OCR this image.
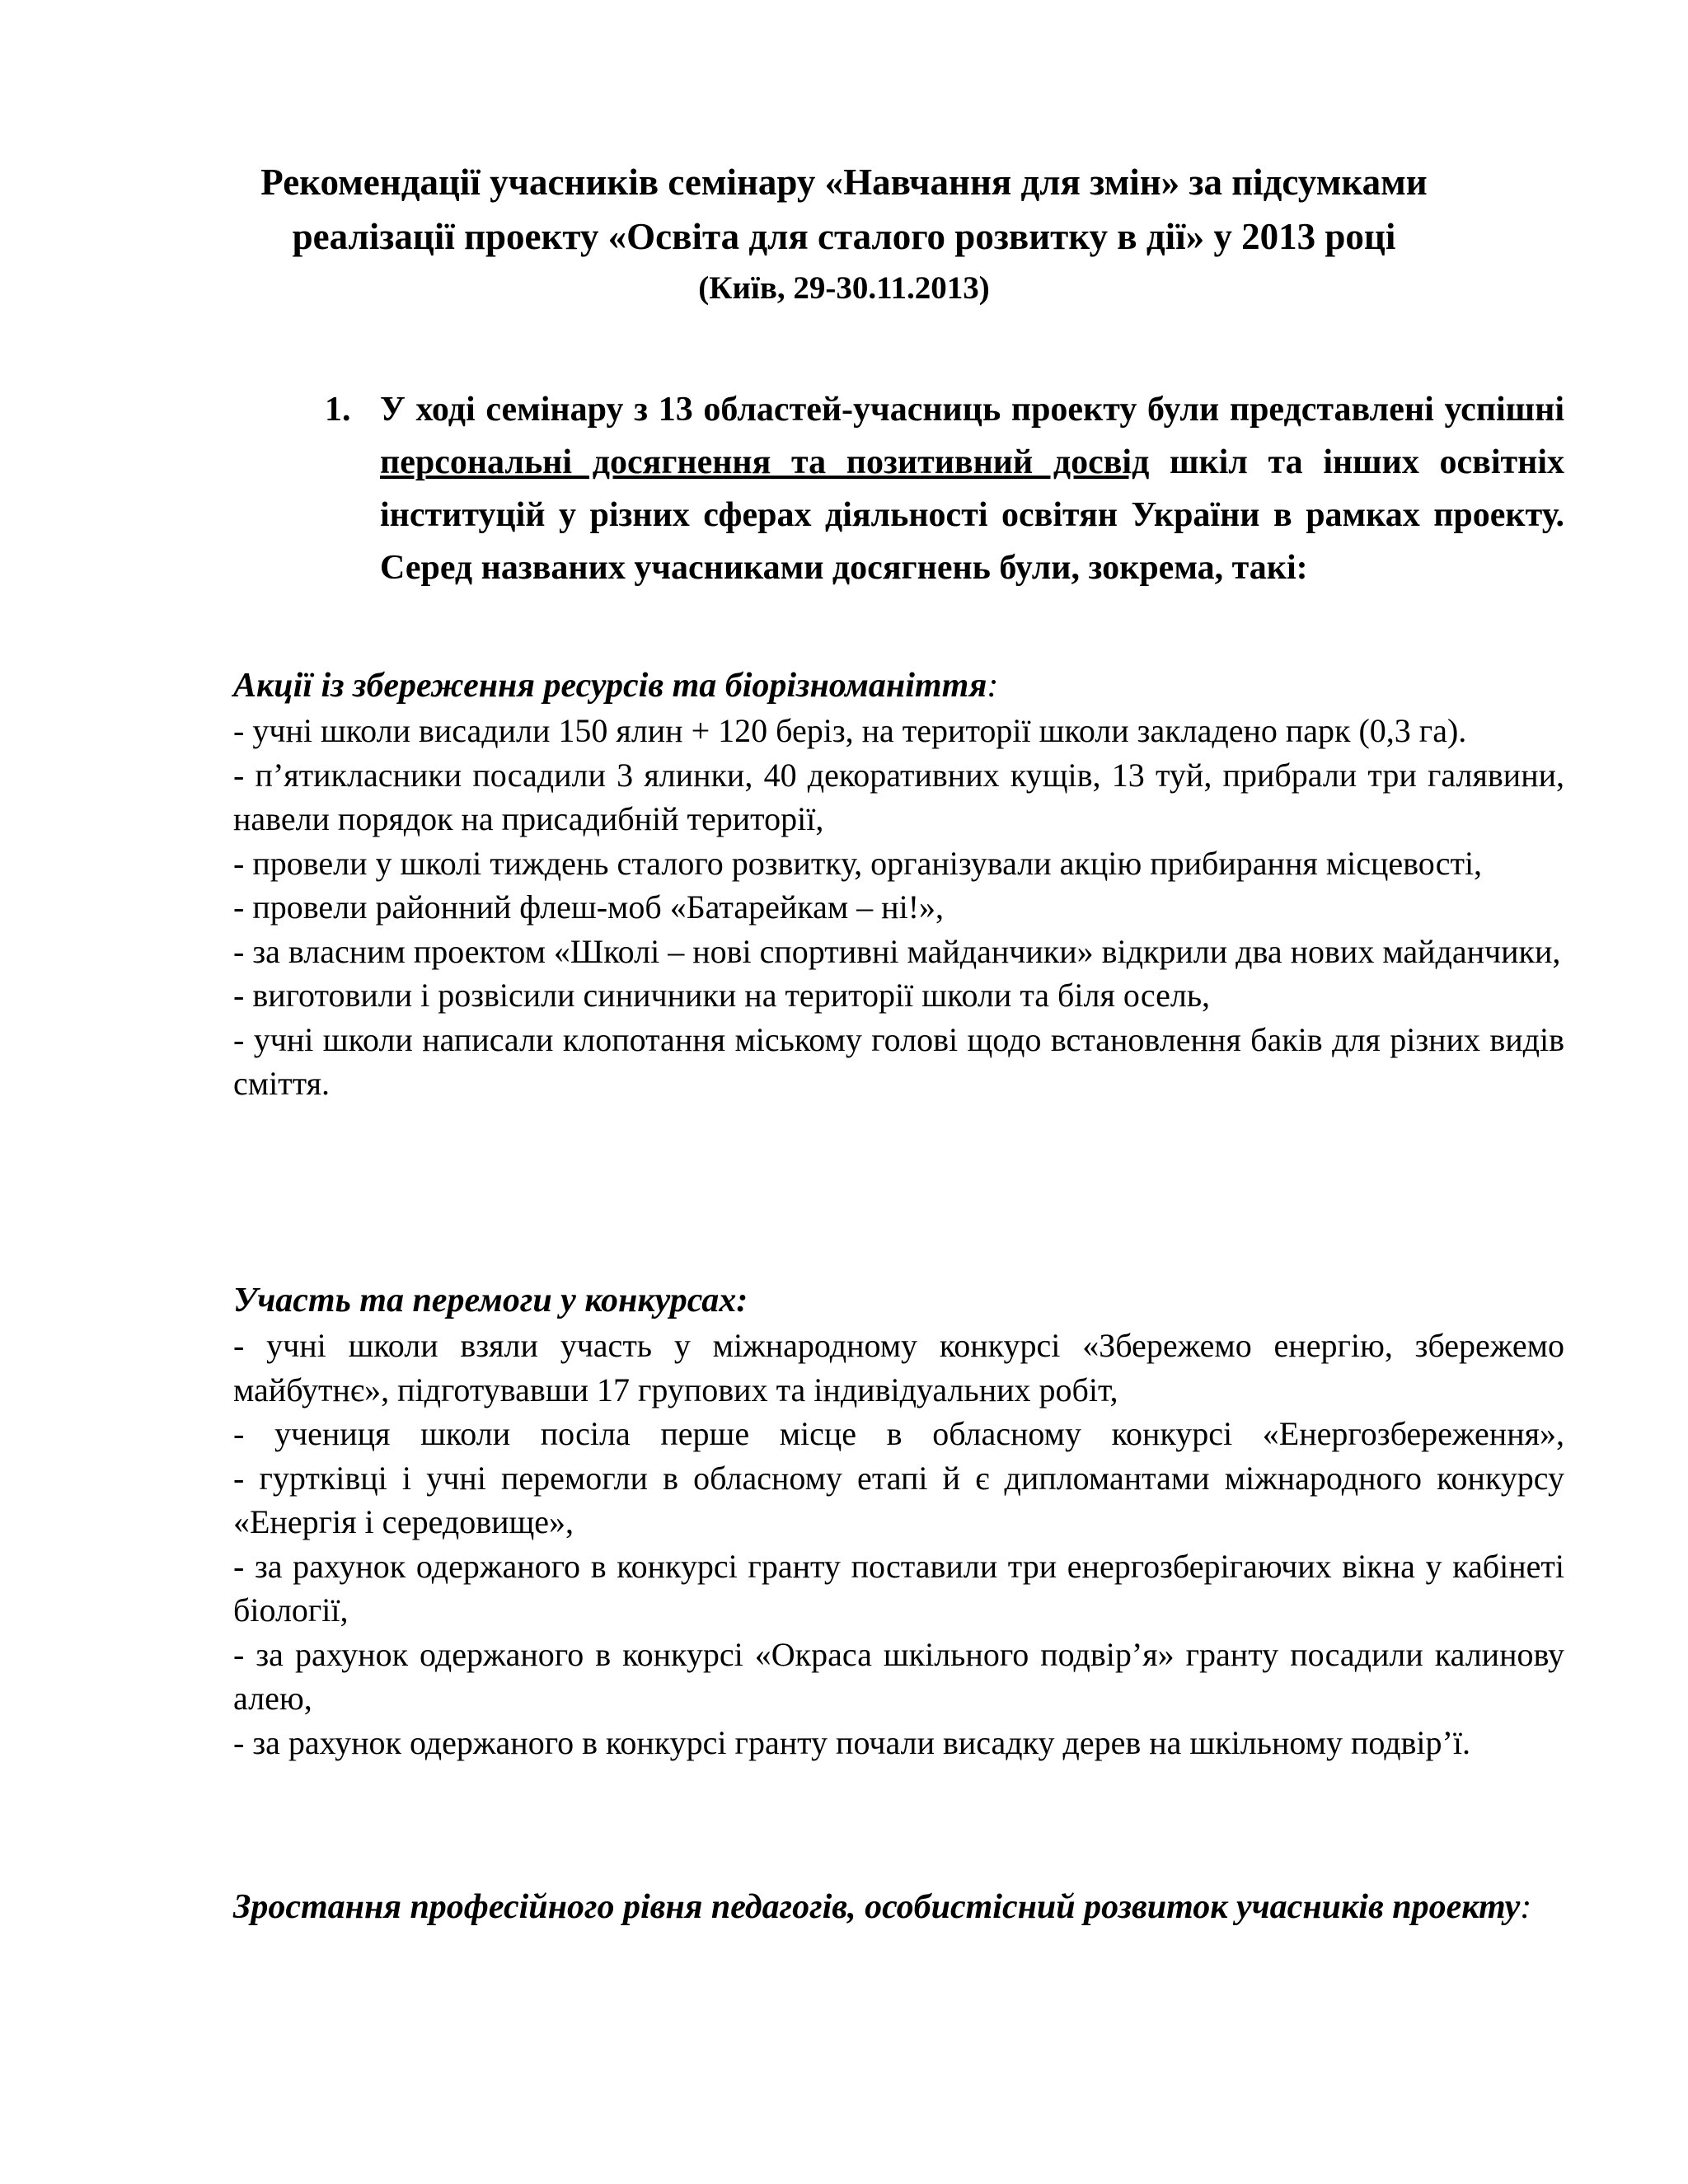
Рекомендації учасників семінару «Навчання для змін» за підсумками
реалізації проекту «Освіта для сталого розвитку в дії» у 2013 році
(Київ, 29-30.11.2013)
1. У ході семінару з 13 областей-учасниць проекту були представлені успішні персональні досягнення та позитивний досвід шкіл та інших освітніх інституцій у різних сферах діяльності освітян України в рамках проекту. Серед названих учасниками досягнень були, зокрема, такі:

Акції із збереження ресурсів та біорізноманіття:

- учні школи висадили 150 ялин + 120 беріз, на території школи закладено парк (0,3 га).

- п’ятикласники посадили 3 ялинки, 40 декоративних кущів, 13 туй, прибрали три галявини, навели порядок на присадибній території,

- провели у школі тиждень сталого розвитку, організували акцію прибирання місцевості,

- провели районний флеш-моб «Батарейкам – ні!»,

- за власним проектом «Школі – нові спортивні майданчики» відкрили два нових майданчики,

- виготовили і розвісили синичники на території школи та біля осель,

- учні школи написали клопотання міському голові щодо встановлення баків для різних видів сміття.

Участь та перемоги у конкурсах:

- учні школи взяли участь у міжнародному конкурсі «Збережемо енергію, збережемо майбутнє», підготувавши 17 групових та індивідуальних робіт,

- учениця школи посіла перше місце в обласному конкурсі «Енергозбереження»,

- гуртківці і учні перемогли в обласному етапі й є дипломантами міжнародного конкурсу «Енергія і середовище»,

- за рахунок одержаного в конкурсі гранту поставили три енергозберігаючих вікна у кабінеті біології,

- за рахунок одержаного в конкурсі «Окраса шкільного подвір’я» гранту посадили калинову алею,

- за рахунок одержаного в конкурсі гранту почали висадку дерев на шкільному подвір’ї.

Зростання професійного рівня педагогів, особистісний розвиток учасників проекту:
